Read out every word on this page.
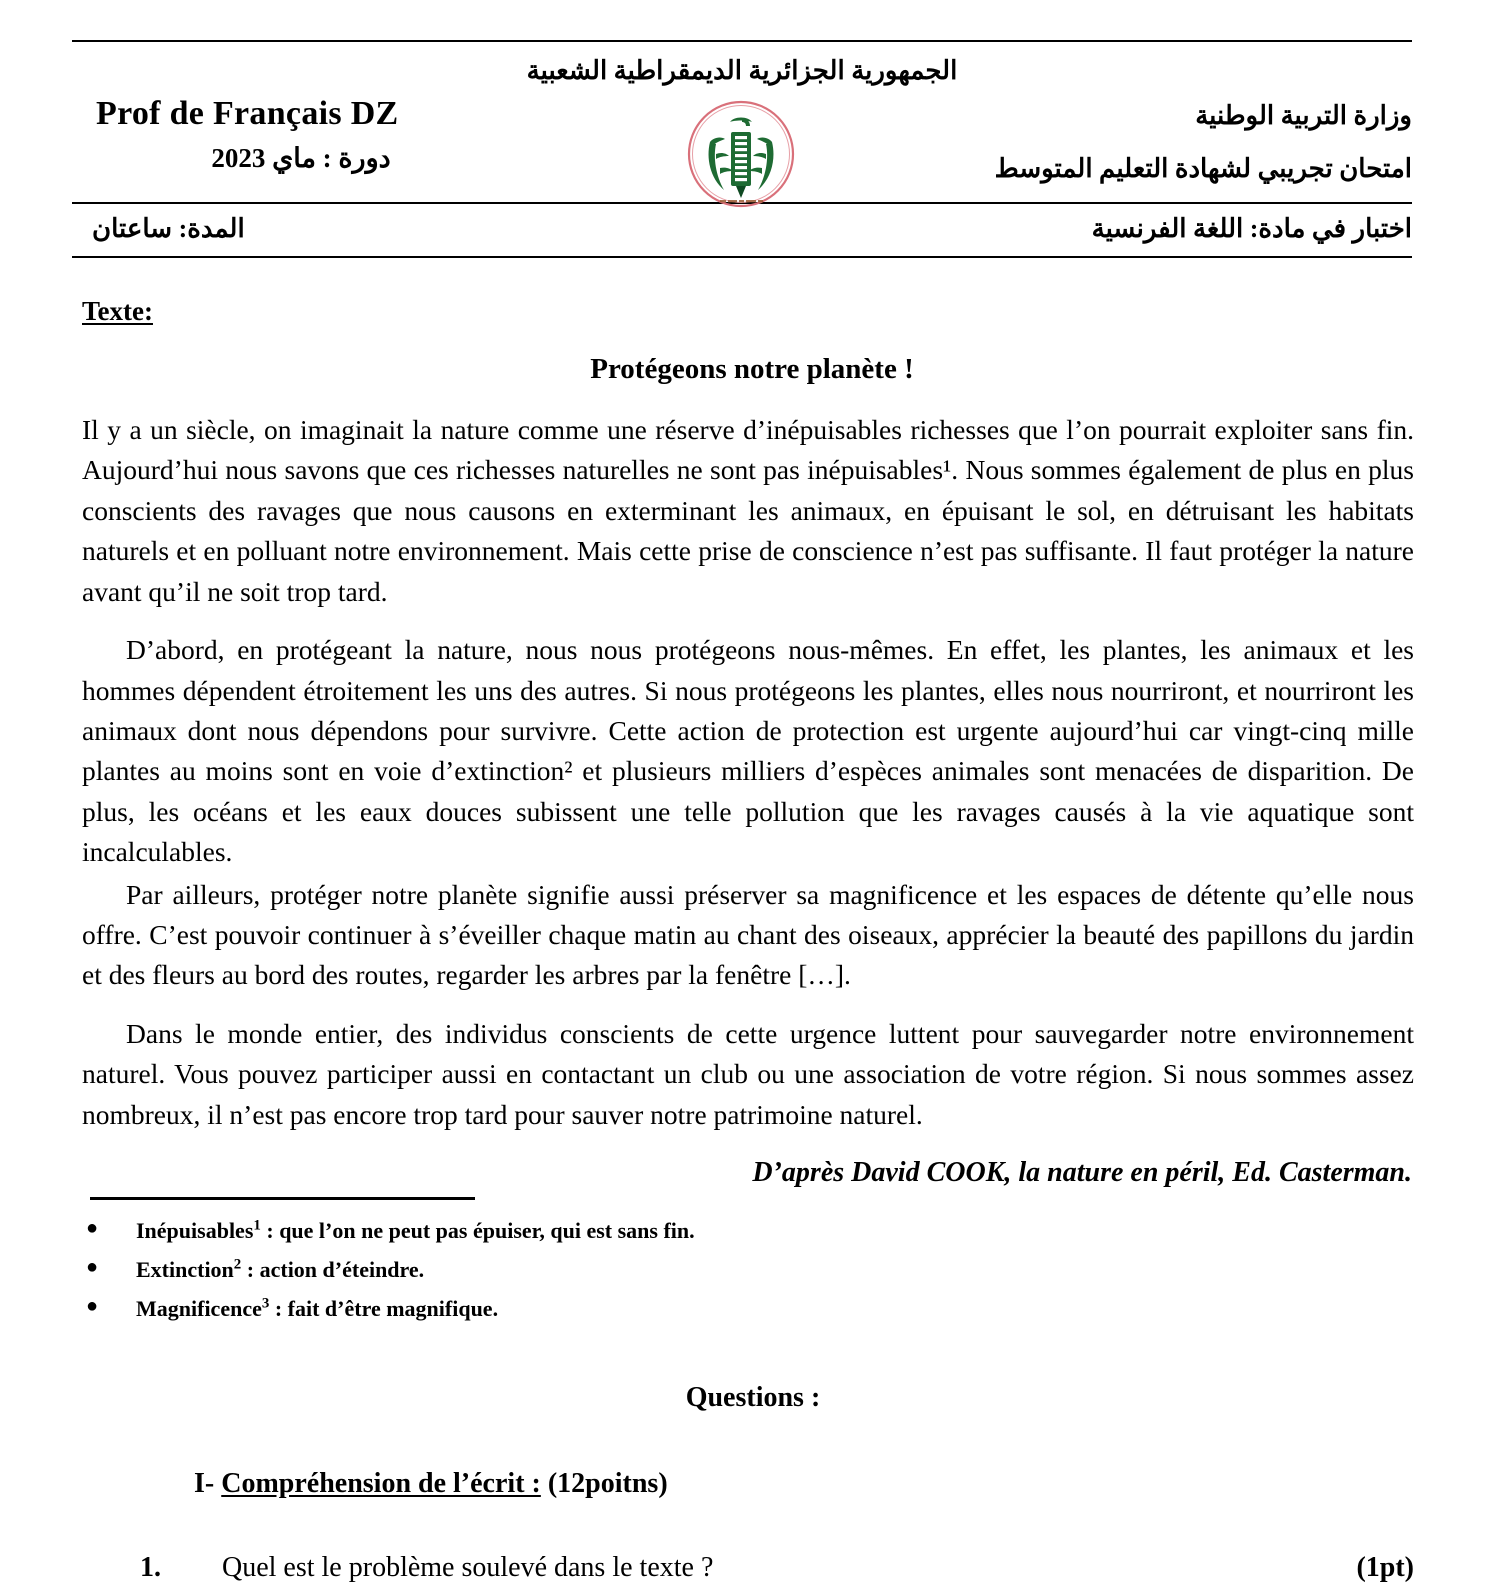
الجمهورية الجزائرية الديمقراطية الشعبية
Prof de Français DZ
دورة : ماي 2023
وزارة التربية الوطنية
امتحان تجريبي لشهادة التعليم المتوسط
اختبار في مادة: اللغة الفرنسية
المدة: ساعتان
Texte:
Protégeons notre planète !

Il y a un siècle, on imaginait la nature comme une réserve d’inépuisables richesses que l’on pourrait exploiter sans fin. Aujourd’hui nous savons que ces richesses naturelles ne sont pas inépuisables¹. Nous sommes également de plus en plus conscients des ravages que nous causons en exterminant les animaux, en épuisant le sol, en détruisant les habitats naturels et en polluant notre environnement. Mais cette prise de conscience n’est pas suffisante. Il faut protéger la nature avant qu’il ne soit trop tard.

D’abord, en protégeant la nature, nous nous protégeons nous-mêmes. En effet, les plantes, les animaux et les hommes dépendent étroitement les uns des autres. Si nous protégeons les plantes, elles nous nourriront, et nourriront les animaux dont nous dépendons pour survivre. Cette action de protection est urgente aujourd’hui car vingt-cinq mille plantes au moins sont en voie d’extinction² et plusieurs milliers d’espèces animales sont menacées de disparition. De plus, les océans et les eaux douces subissent une telle pollution que les ravages causés à la vie aquatique sont incalculables.

Par ailleurs, protéger notre planète signifie aussi préserver sa magnificence et les espaces de détente qu’elle nous offre. C’est pouvoir continuer à s’éveiller chaque matin au chant des oiseaux, apprécier la beauté des papillons du jardin et des fleurs au bord des routes, regarder les arbres par la fenêtre […].

Dans le monde entier, des individus conscients de cette urgence luttent pour sauvegarder notre environnement naturel. Vous pouvez participer aussi en contactant un club ou une association de votre région. Si nous sommes assez nombreux, il n’est pas encore trop tard pour sauver notre patrimoine naturel.

D’après David COOK, la nature en péril, Ed. Casterman.
● Inépuisables$^1$ : que l’on ne peut pas épuiser, qui est sans fin.
● Extinction$^2$ : action d’éteindre.
● Magnificence$^3$ : fait d’être magnifique.
Questions :
I- Compréhension de l’écrit : (12poitns)
1. Quel est le problème soulevé dans le texte ?	(1pt)
